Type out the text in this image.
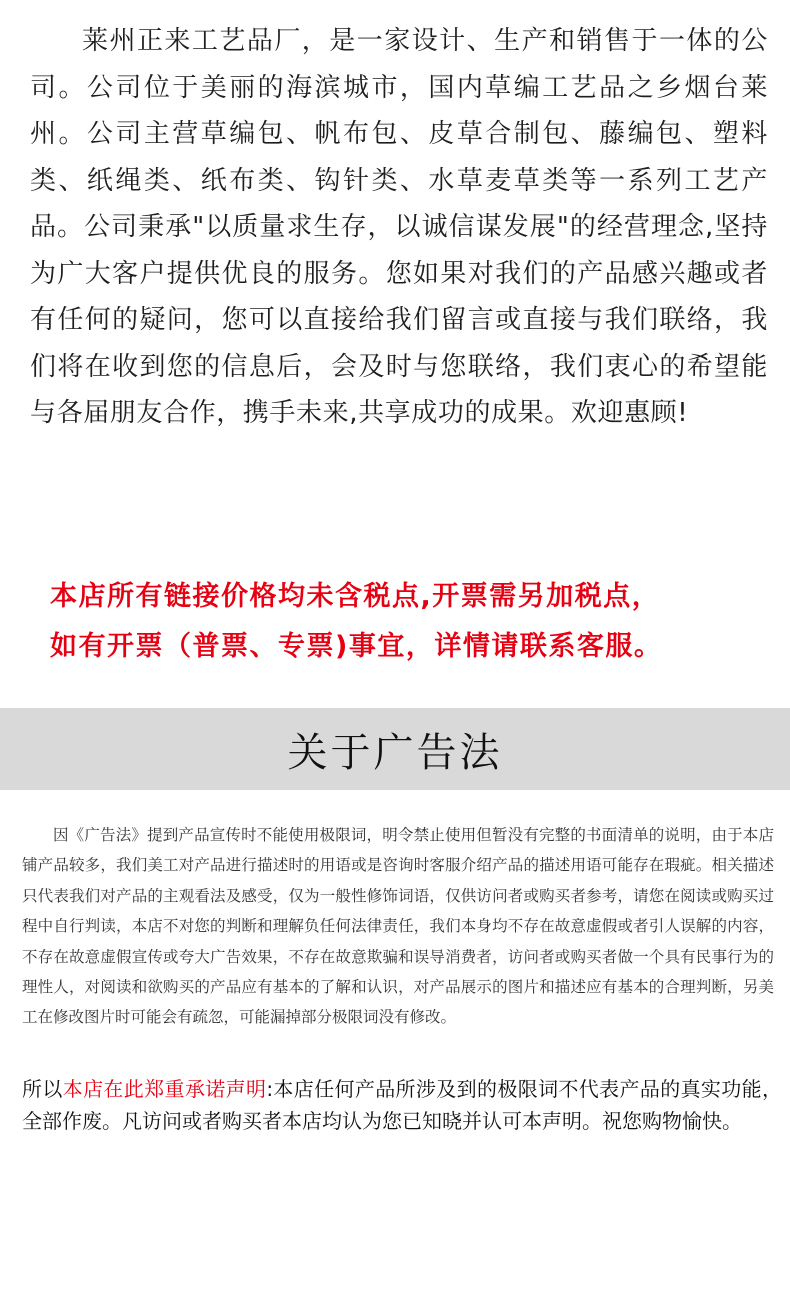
莱州正来工艺品厂，是一家设计、生产和销售于一体的公司。公司位于美丽的海滨城市，国内草编工艺品之乡烟台莱州。公司主营草编包、帆布包、皮草合制包、藤编包、塑料类、纸绳类、纸布类、钩针类、水草麦草类等一系列工艺产品。公司秉承"以质量求生存，以诚信谋发展"的经营理念,坚持为广大客户提供优良的服务。您如果对我们的产品感兴趣或者有任何的疑问，您可以直接给我们留言或直接与我们联络，我们将在收到您的信息后，会及时与您联络，我们衷心的希望能与各届朋友合作，携手未来,共享成功的成果。欢迎惠顾!

本店所有链接价格均未含税点,开票需另加税点，

如有开票（普票、专票)事宜，详情请联系客服。

关于广告法

因《广告法》提到产品宣传时不能使用极限词，明令禁止使用但暂没有完整的书面清单的说明，由于本店铺产品较多，我们美工对产品进行描述时的用语或是咨询时客服介绍产品的描述用语可能存在瑕疵。相关描述只代表我们对产品的主观看法及感受，仅为一般性修饰词语，仅供访问者或购买者参考，请您在阅读或购买过程中自行判读，本店不对您的判断和理解负任何法律责任，我们本身均不存在故意虚假或者引人误解的内容，不存在故意虚假宣传或夸大广告效果，不存在故意欺骗和误导消费者，访问者或购买者做一个具有民事行为的理性人，对阅读和欲购买的产品应有基本的了解和认识，对产品展示的图片和描述应有基本的合理判断，另美工在修改图片时可能会有疏忽，可能漏掉部分极限词没有修改。

所以本店在此郑重承诺声明:本店任何产品所涉及到的极限词不代表产品的真实功能，全部作废。凡访问或者购买者本店均认为您已知晓并认可本声明。祝您购物愉快。
